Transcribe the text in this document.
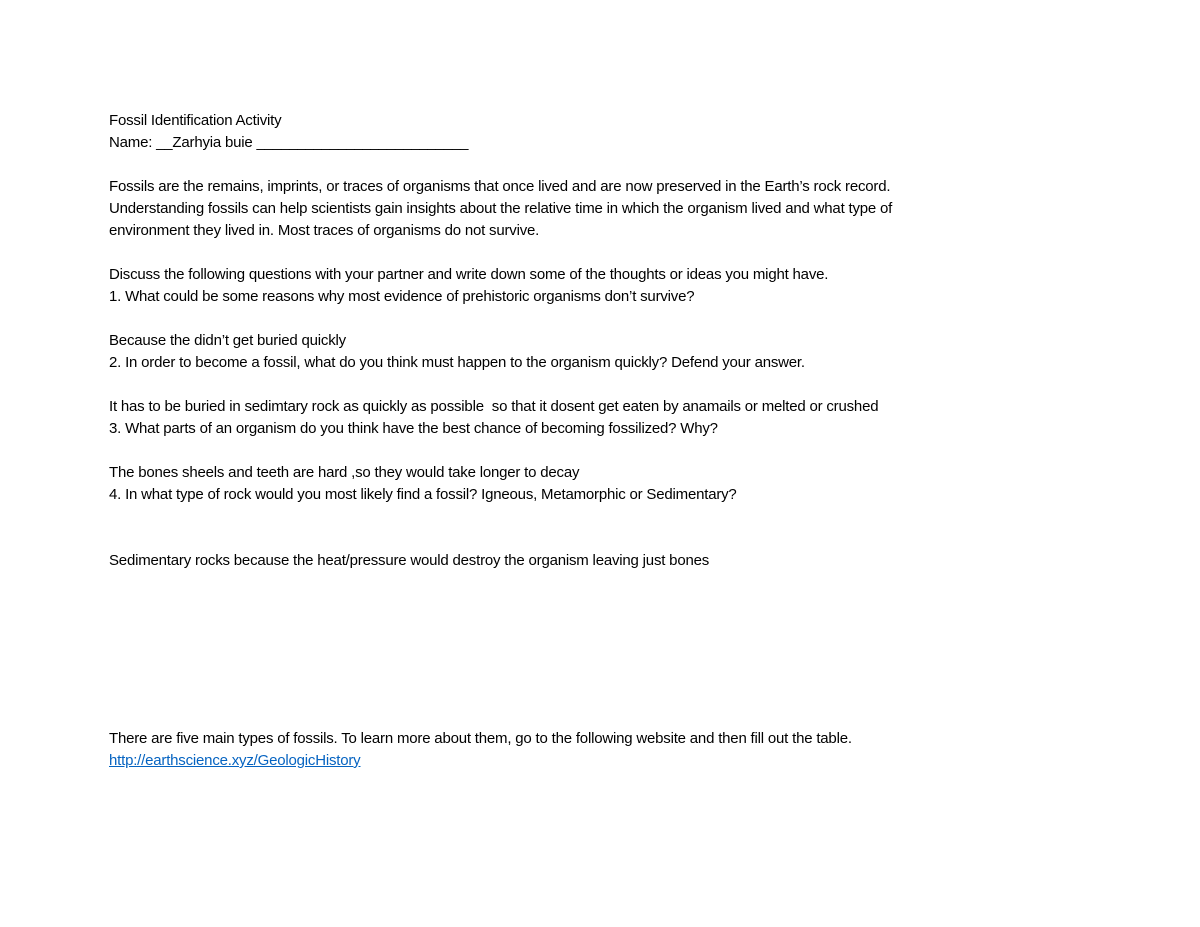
Fossil Identification Activity
Name: __Zarhyia buie __________________________
Fossils are the remains, imprints, or traces of organisms that once lived and are now preserved in the Earth’s rock record.
Understanding fossils can help scientists gain insights about the relative time in which the organism lived and what type of
environment they lived in. Most traces of organisms do not survive.
Discuss the following questions with your partner and write down some of the thoughts or ideas you might have.
1. What could be some reasons why most evidence of prehistoric organisms don’t survive?
Because the didn’t get buried quickly
2. In order to become a fossil, what do you think must happen to the organism quickly? Defend your answer.
It has to be buried in sedimtary rock as quickly as possible  so that it dosent get eaten by anamails or melted or crushed
3. What parts of an organism do you think have the best chance of becoming fossilized? Why?
The bones sheels and teeth are hard ,so they would take longer to decay
4. In what type of rock would you most likely find a fossil? Igneous, Metamorphic or Sedimentary?
Sedimentary rocks because the heat/pressure would destroy the organism leaving just bones
There are five main types of fossils. To learn more about them, go to the following website and then fill out the table.
http://earthscience.xyz/GeologicHistory
